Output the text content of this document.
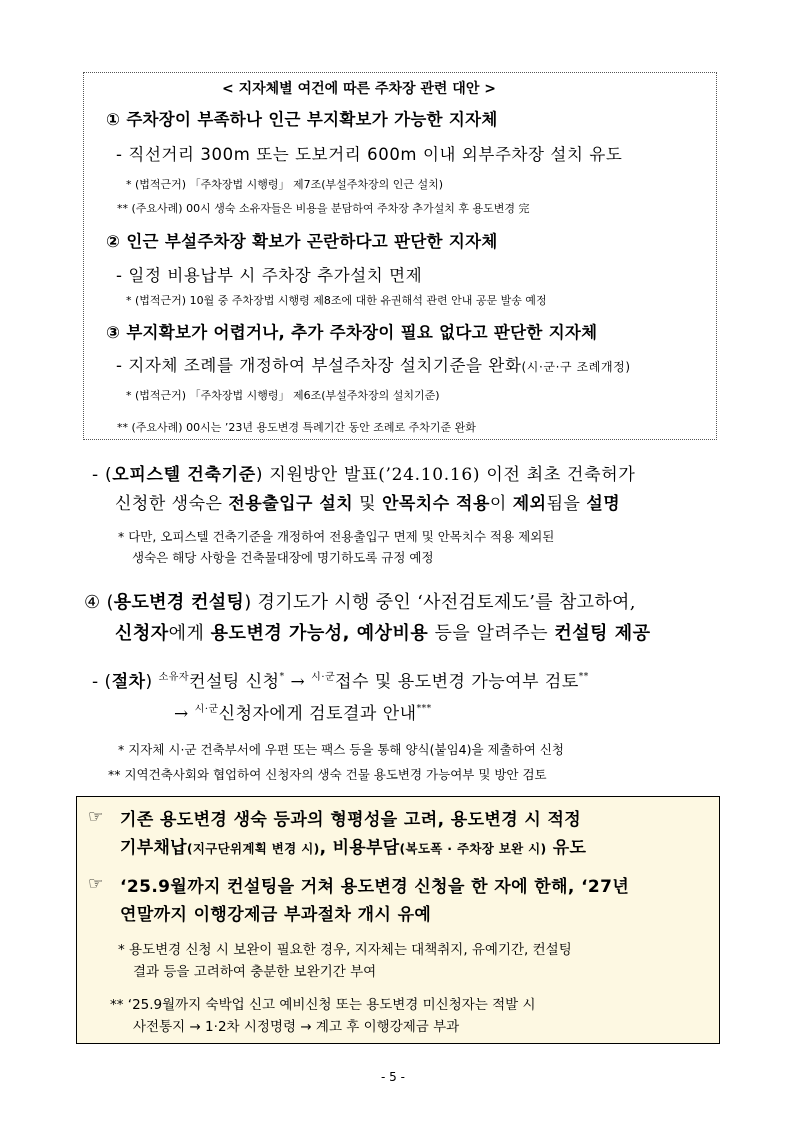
< 지자체별 여건에 따른 주차장 관련 대안 >
① 주차장이 부족하나 인근 부지확보가 가능한 지자체
- 직선거리 300m 또는 도보거리 600m 이내 외부주차장 설치 유도
* (법적근거) 「주차장법 시행령」 제7조(부설주차장의 인근 설치)
** (주요사례) 00시 생숙 소유자들은 비용을 분담하여 주차장 추가설치 후 용도변경 完
② 인근 부설주차장 확보가 곤란하다고 판단한 지자체
- 일정 비용납부 시 주차장 추가설치 면제
* (법적근거) 10월 중 주차장법 시행령 제8조에 대한 유권해석 관련 안내 공문 발송 예정
③ 부지확보가 어렵거나, 추가 주차장이 필요 없다고 판단한 지자체
- 지자체 조례를 개정하여 부설주차장 설치기준을 완화(시·군·구 조례개정)
* (법적근거) 「주차장법 시행령」 제6조(부설주차장의 설치기준)
** (주요사례) 00시는 ’23년 용도변경 특례기간 동안 조례로 주차기준 완화
- (오피스텔 건축기준) 지원방안 발표(’24.10.16) 이전 최초 건축허가
신청한 생숙은 전용출입구 설치 및 안목치수 적용이 제외됨을 설명
* 다만, 오피스텔 건축기준을 개정하여 전용출입구 면제 및 안목치수 적용 제외된
생숙은 해당 사항을 건축물대장에 명기하도록 규정 예정
④ (용도변경 컨설팅) 경기도가 시행 중인 ‘사전검토제도’를 참고하여,
신청자에게 용도변경 가능성, 예상비용 등을 알려주는 컨설팅 제공
- (절차) $^{소유자}$컨설팅 신청* → $^{시\cdot 군}$접수 및 용도변경 가능여부 검토**
→ $^{시\cdot 군}$신청자에게 검토결과 안내***
* 지자체 시·군 건축부서에 우편 또는 팩스 등을 통해 양식(붙임4)을 제출하여 신청
** 지역건축사회와 협업하여 신청자의 생숙 건물 용도변경 가능여부 및 방안 검토
☞ 기존 용도변경 생숙 등과의 형평성을 고려, 용도변경 시 적정
기부채납(지구단위계획 변경 시), 비용부담(복도폭 · 주차장 보완 시) 유도
☞ ‘25.9월까지 컨설팅을 거쳐 용도변경 신청을 한 자에 한해, ‘27년
연말까지 이행강제금 부과절차 개시 유예
* 용도변경 신청 시 보완이 필요한 경우, 지자체는 대책취지, 유예기간, 컨설팅
결과 등을 고려하여 충분한 보완기간 부여
** ‘25.9월까지 숙박업 신고 예비신청 또는 용도변경 미신청자는 적발 시
사전통지 → 1·2차 시정명령 → 계고 후 이행강제금 부과
- 5 -
